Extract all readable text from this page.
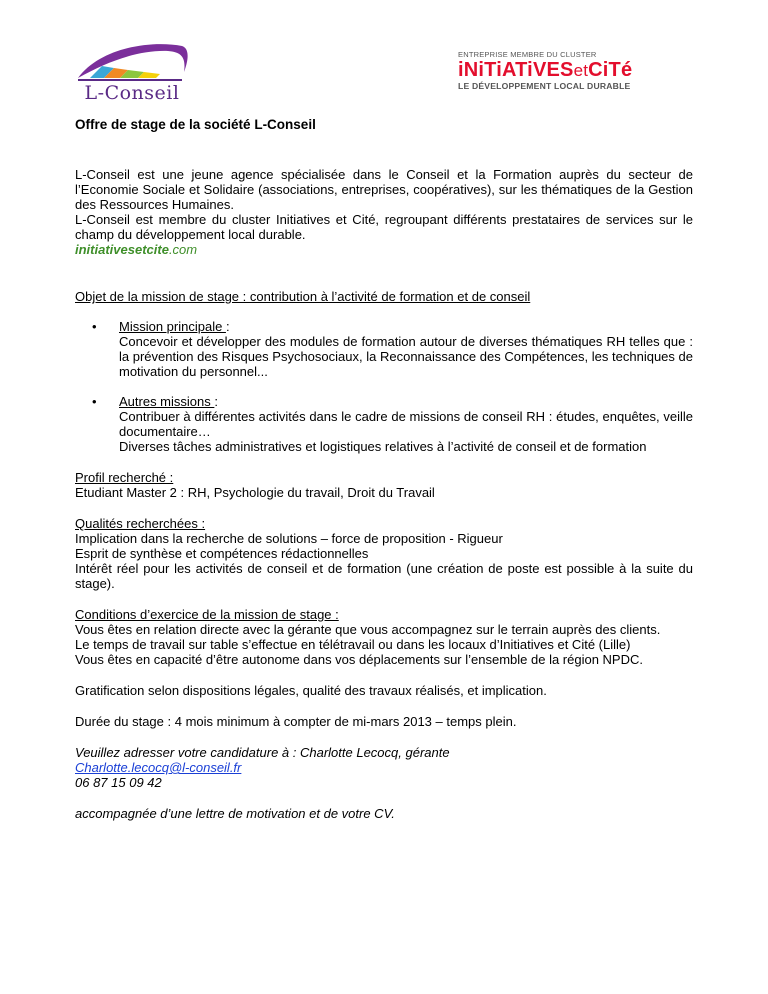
L-Conseil
ENTREPRISE MEMBRE DU CLUSTER
iNiTiATiVESetCiTé
LE DÉVELOPPEMENT LOCAL DURABLE

Offre de stage de la société L-Conseil

L-Conseil est une jeune agence spécialisée dans le Conseil et la Formation auprès du secteur de l’Economie Sociale et Solidaire (associations, entreprises, coopératives), sur les thématiques de la Gestion des Ressources Humaines.

L-Conseil est membre du cluster Initiatives et Cité, regroupant différents prestataires de services sur le champ du développement local durable.

initiativesetcite.com

Objet de la mission de stage : contribution à l’activité de formation et de conseil

• Mission principale :

Concevoir et développer des modules de formation autour de diverses thématiques RH telles que : la prévention des Risques Psychosociaux, la Reconnaissance des Compétences, les techniques de motivation du personnel...

• Autres missions :

Contribuer à différentes activités dans le cadre de missions de conseil RH : études, enquêtes, veille documentaire…

Diverses tâches administratives et logistiques relatives à l’activité de conseil et de formation

Profil recherché :

Etudiant Master 2 : RH, Psychologie du travail, Droit du Travail

Qualités recherchées :

Implication dans la recherche de solutions – force de proposition - Rigueur

Esprit de synthèse et compétences rédactionnelles

Intérêt réel pour les activités de conseil et de formation (une création de poste est possible à la suite du stage).

Conditions d’exercice de la mission de stage :

Vous êtes en relation directe avec la gérante que vous accompagnez sur le terrain auprès des clients.

Le temps de travail sur table s’effectue en télétravail ou dans les locaux d’Initiatives et Cité (Lille)

Vous êtes en capacité d’être autonome dans vos déplacements sur l’ensemble de la région NPDC.

Gratification selon dispositions légales, qualité des travaux réalisés, et implication.

Durée du stage : 4 mois minimum à compter de mi-mars 2013 – temps plein.

Veuillez adresser votre candidature à : Charlotte Lecocq, gérante

Charlotte.lecocq@l-conseil.fr

06 87 15 09 42

accompagnée d’une lettre de motivation et de votre CV.
